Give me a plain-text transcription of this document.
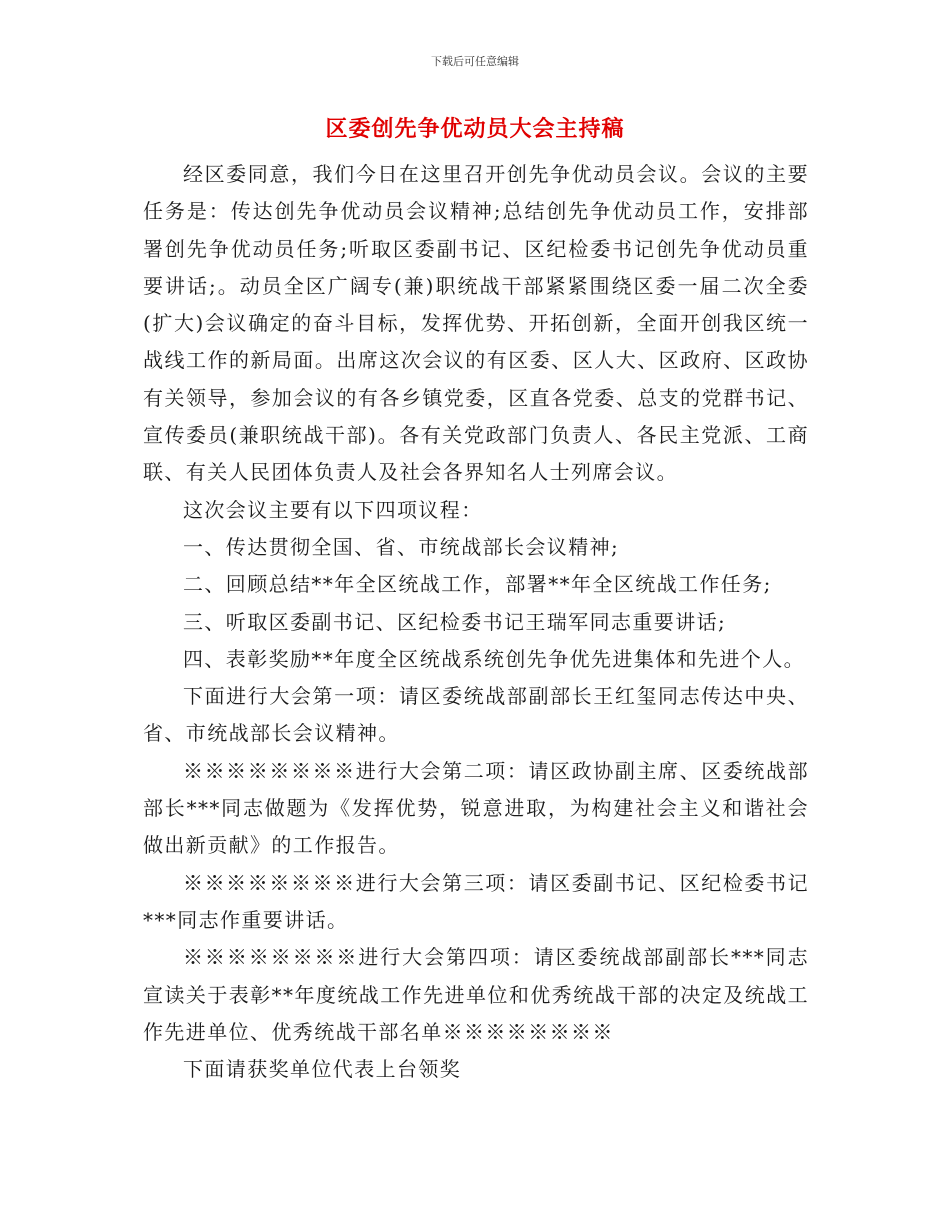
下载后可任意编辑
区委创先争优动员大会主持稿

经区委同意，我们今日在这里召开创先争优动员会议。会议的主要任务是：传达创先争优动员会议精神;总结创先争优动员工作，安排部署创先争优动员任务;听取区委副书记、区纪检委书记创先争优动员重要讲话;。动员全区广阔专(兼)职统战干部紧紧围绕区委一届二次全委(扩大)会议确定的奋斗目标，发挥优势、开拓创新，全面开创我区统一战线工作的新局面。出席这次会议的有区委、区人大、区政府、区政协有关领导，参加会议的有各乡镇党委，区直各党委、总支的党群书记、宣传委员(兼职统战干部)。各有关党政部门负责人、各民主党派、工商联、有关人民团体负责人及社会各界知名人士列席会议。

这次会议主要有以下四项议程：

一、传达贯彻全国、省、市统战部长会议精神;

二、回顾总结**年全区统战工作，部署**年全区统战工作任务;

三、听取区委副书记、区纪检委书记王瑞军同志重要讲话;

四、表彰奖励**年度全区统战系统创先争优先进集体和先进个人。

下面进行大会第一项：请区委统战部副部长王红玺同志传达中央、省、市统战部长会议精神。

※※※※※※※※进行大会第二项：请区政协副主席、区委统战部部长***同志做题为《发挥优势，锐意进取，为构建社会主义和谐社会做出新贡献》的工作报告。

※※※※※※※※进行大会第三项：请区委副书记、区纪检委书记***同志作重要讲话。

※※※※※※※※进行大会第四项：请区委统战部副部长***同志宣读关于表彰**年度统战工作先进单位和优秀统战干部的决定及统战工作先进单位、优秀统战干部名单※※※※※※※※

下面请获奖单位代表上台领奖
